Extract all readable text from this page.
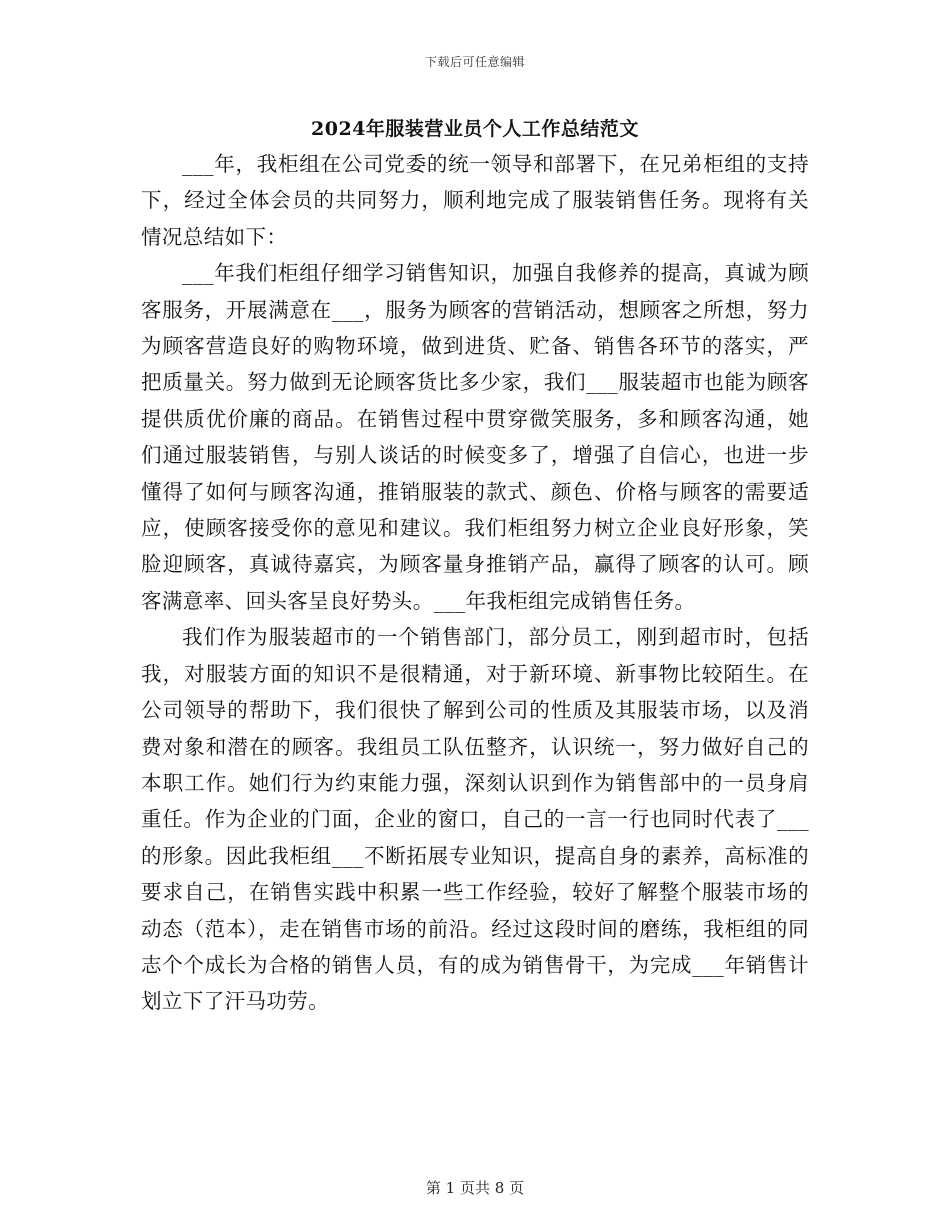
下载后可任意编辑
2024年服装营业员个人工作总结范文

___年，我柜组在公司党委的统一领导和部署下，在兄弟柜组的支持下，经过全体会员的共同努力，顺利地完成了服装销售任务。现将有关情况总结如下：

___年我们柜组仔细学习销售知识，加强自我修养的提高，真诚为顾客服务，开展满意在___，服务为顾客的营销活动，想顾客之所想，努力为顾客营造良好的购物环境，做到进货、贮备、销售各环节的落实，严把质量关。努力做到无论顾客货比多少家，我们___服装超市也能为顾客提供质优价廉的商品。在销售过程中贯穿微笑服务，多和顾客沟通，她们通过服装销售，与别人谈话的时候变多了，增强了自信心，也进一步懂得了如何与顾客沟通，推销服装的款式、颜色、价格与顾客的需要适应，使顾客接受你的意见和建议。我们柜组努力树立企业良好形象，笑脸迎顾客，真诚待嘉宾，为顾客量身推销产品，赢得了顾客的认可。顾客满意率、回头客呈良好势头。___年我柜组完成销售任务。

我们作为服装超市的一个销售部门，部分员工，刚到超市时，包括我，对服装方面的知识不是很精通，对于新环境、新事物比较陌生。在公司领导的帮助下，我们很快了解到公司的性质及其服装市场，以及消费对象和潜在的顾客。我组员工队伍整齐，认识统一，努力做好自己的本职工作。她们行为约束能力强，深刻认识到作为销售部中的一员身肩重任。作为企业的门面，企业的窗口，自己的一言一行也同时代表了___的形象。因此我柜组___不断拓展专业知识，提高自身的素养，高标准的要求自己，在销售实践中积累一些工作经验，较好了解整个服装市场的动态（范本），走在销售市场的前沿。经过这段时间的磨练，我柜组的同志个个成长为合格的销售人员，有的成为销售骨干，为完成___年销售计划立下了汗马功劳。

第 1 页共 8 页
